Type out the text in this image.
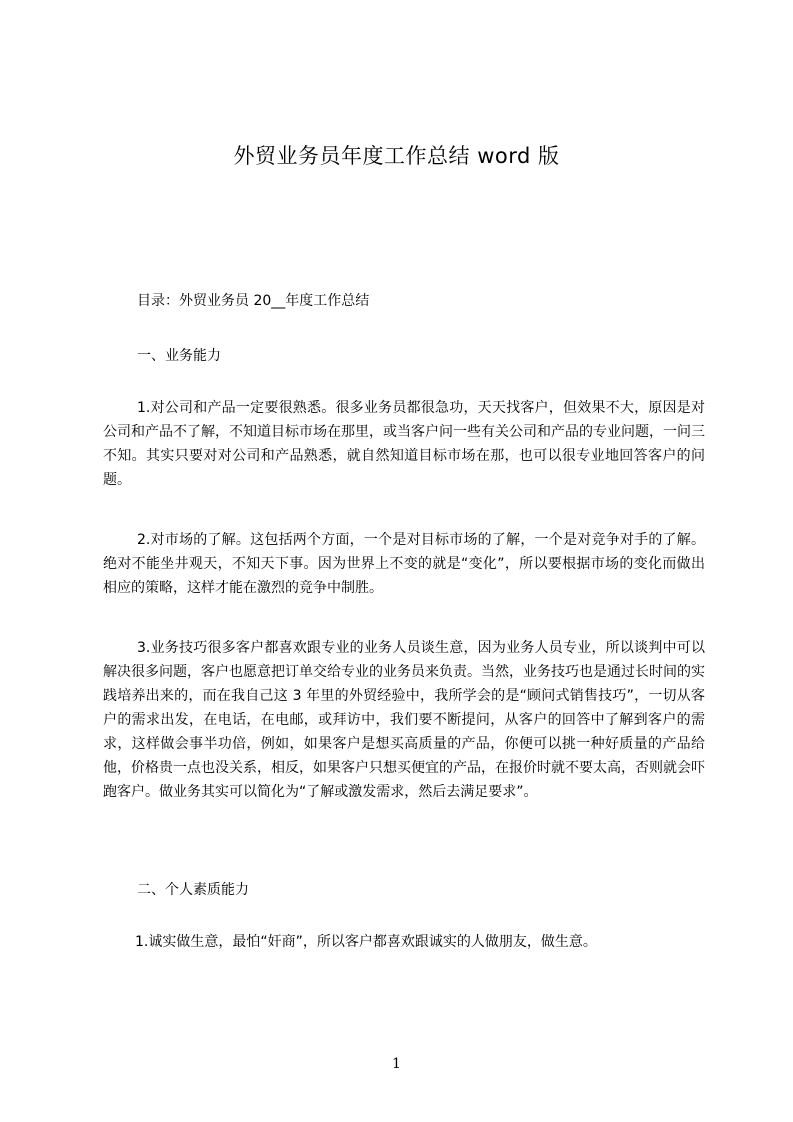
外贸业务员年度工作总结 word 版
目录：外贸业务员 20__年度工作总结
一、业务能力
1.对公司和产品一定要很熟悉。很多业务员都很急功，天天找客户，但效果不大，原因是对公司和产品不了解，不知道目标市场在那里，或当客户问一些有关公司和产品的专业问题，一问三不知。其实只要对对公司和产品熟悉，就自然知道目标市场在那，也可以很专业地回答客户的问题。
2.对市场的了解。这包括两个方面，一个是对目标市场的了解，一个是对竞争对手的了解。绝对不能坐井观天，不知天下事。因为世界上不变的就是“变化”，所以要根据市场的变化而做出相应的策略，这样才能在激烈的竞争中制胜。
3.业务技巧很多客户都喜欢跟专业的业务人员谈生意，因为业务人员专业，所以谈判中可以解决很多问题，客户也愿意把订单交给专业的业务员来负责。当然，业务技巧也是通过长时间的实践培养出来的，而在我自己这 3 年里的外贸经验中，我所学会的是“顾问式销售技巧”，一切从客户的需求出发，在电话，在电邮，或拜访中，我们要不断提问，从客户的回答中了解到客户的需求，这样做会事半功倍，例如，如果客户是想买高质量的产品，你便可以挑一种好质量的产品给他，价格贵一点也没关系，相反，如果客户只想买便宜的产品，在报价时就不要太高，否则就会吓跑客户。做业务其实可以简化为“了解或激发需求，然后去满足要求”。
二、个人素质能力
1.诚实做生意，最怕“奸商”，所以客户都喜欢跟诚实的人做朋友，做生意。
1
